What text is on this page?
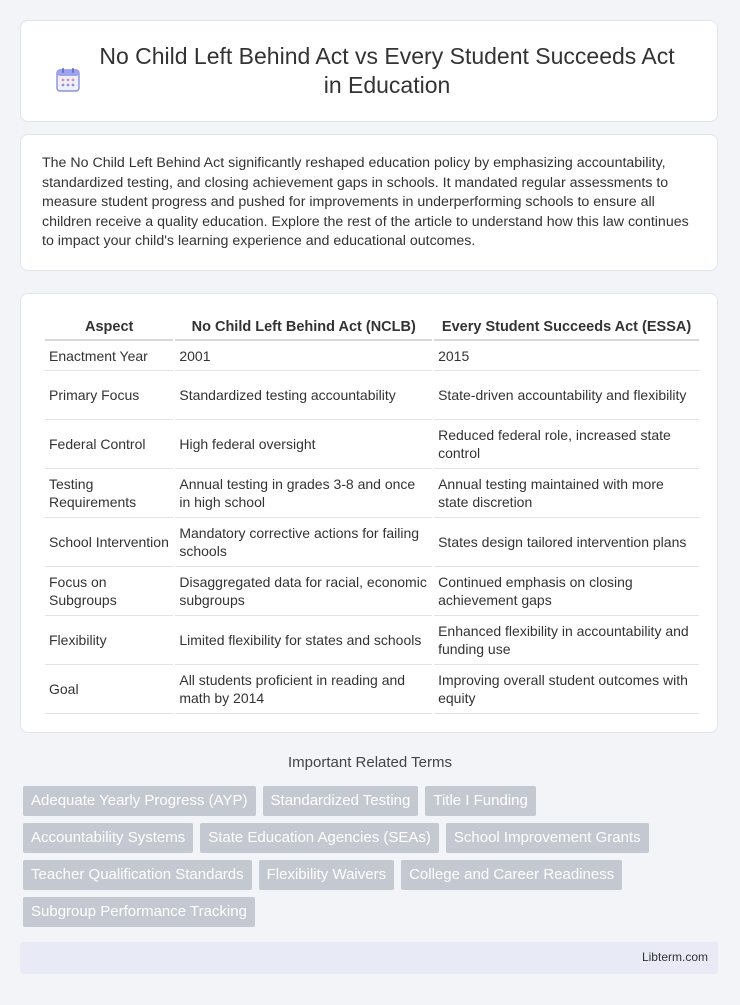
No Child Left Behind Act vs Every Student Succeeds Act in Education

The No Child Left Behind Act significantly reshaped education policy by emphasizing accountability, standardized testing, and closing achievement gaps in schools. It mandated regular assessments to measure student progress and pushed for improvements in underperforming schools to ensure all children receive a quality education. Explore the rest of the article to understand how this law continues to impact your child's learning experience and educational outcomes.

Aspect	No Child Left Behind Act (NCLB)	Every Student Succeeds Act (ESSA)
Enactment Year	2001	2015
Primary Focus	Standardized testing accountability	State-driven accountability and flexibility
Federal Control	High federal oversight	Reduced federal role, increased state control
Testing Requirements	Annual testing in grades 3-8 and once in high school	Annual testing maintained with more state discretion
School Intervention	Mandatory corrective actions for failing schools	States design tailored intervention plans
Focus on Subgroups	Disaggregated data for racial, economic subgroups	Continued emphasis on closing achievement gaps
Flexibility	Limited flexibility for states and schools	Enhanced flexibility in accountability and funding use
Goal	All students proficient in reading and math by 2014	Improving overall student outcomes with equity
Important Related Terms
Adequate Yearly Progress (AYP)	Standardized Testing	Title I Funding
Accountability Systems	State Education Agencies (SEAs)	School Improvement Grants
Teacher Qualification Standards	Flexibility Waivers	College and Career Readiness
Subgroup Performance Tracking
Libterm.com
